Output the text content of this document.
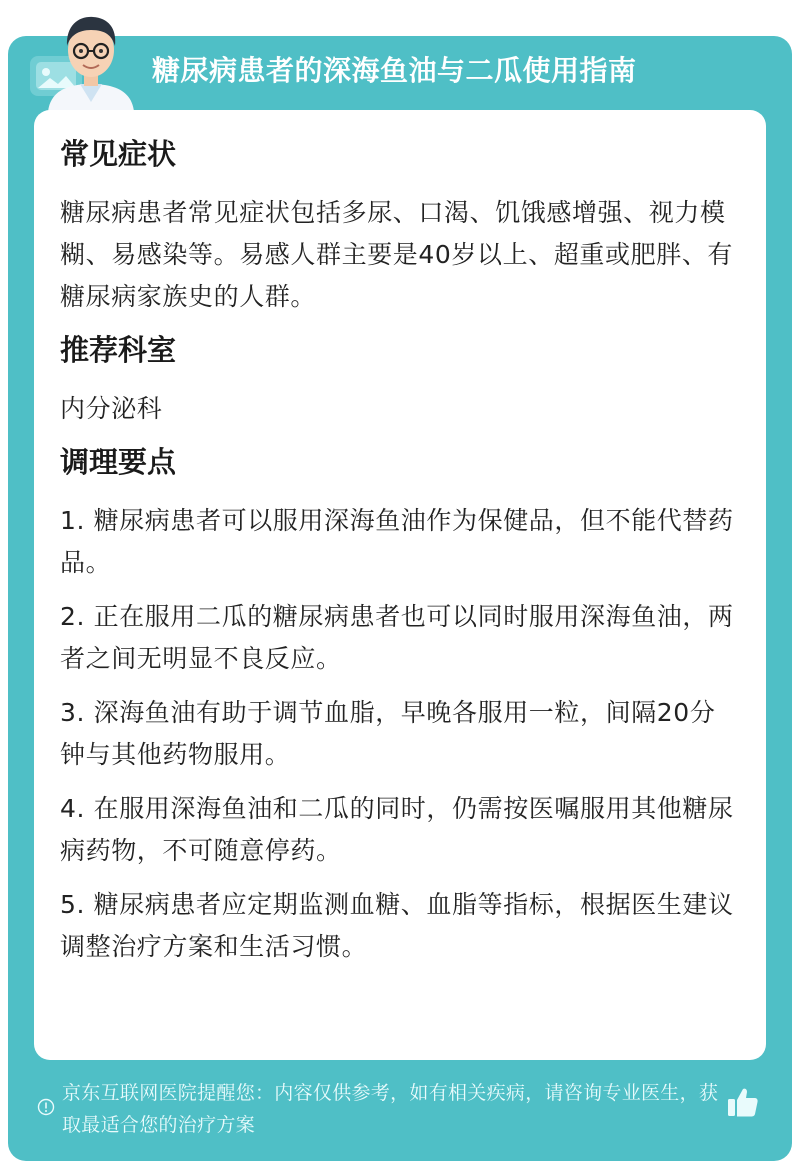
糖尿病患者的深海鱼油与二瓜使用指南
常见症状

糖尿病患者常见症状包括多尿、口渴、饥饿感增强、视力模糊、易感染等。易感人群主要是40岁以上、超重或肥胖、有糖尿病家族史的人群。

推荐科室

内分泌科

调理要点

1. 糖尿病患者可以服用深海鱼油作为保健品，但不能代替药品。

2. 正在服用二瓜的糖尿病患者也可以同时服用深海鱼油，两者之间无明显不良反应。

3. 深海鱼油有助于调节血脂，早晚各服用一粒，间隔20分钟与其他药物服用。

4. 在服用深海鱼油和二瓜的同时，仍需按医嘱服用其他糖尿病药物，不可随意停药。

5. 糖尿病患者应定期监测血糖、血脂等指标，根据医生建议调整治疗方案和生活习惯。

京东互联网医院提醒您：内容仅供参考，如有相关疾病，请咨询专业医生，获取最适合您的治疗方案
